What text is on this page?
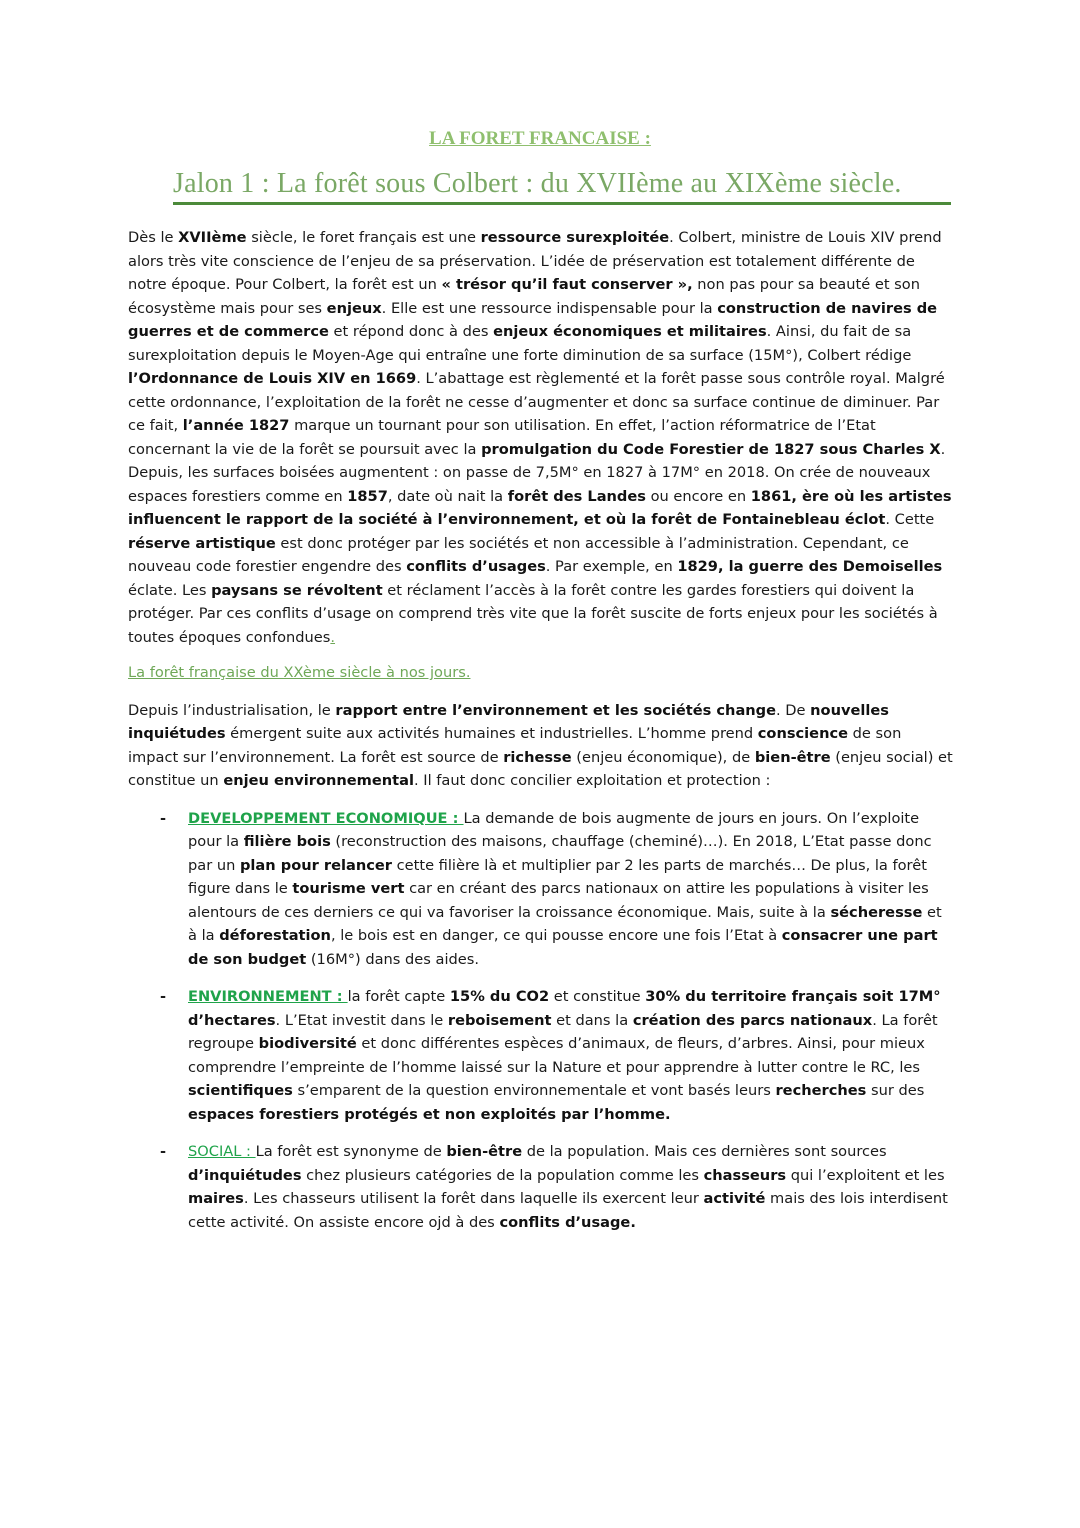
LA FORET FRANCAISE :
Jalon 1 : La forêt sous Colbert : du XVIIème au XIXème siècle.

Dès le XVIIème siècle, le foret français est une ressource surexploitée. Colbert, ministre de Louis XIV prend alors très vite conscience de l’enjeu de sa préservation. L’idée de préservation est totalement différente de notre époque. Pour Colbert, la forêt est un « trésor qu’il faut conserver », non pas pour sa beauté et son écosystème mais pour ses enjeux. Elle est une ressource indispensable pour la construction de navires de guerres et de commerce et répond donc à des enjeux économiques et militaires. Ainsi, du fait de sa surexploitation depuis le Moyen-Age qui entraîne une forte diminution de sa surface (15M°), Colbert rédige l’Ordonnance de Louis XIV en 1669. L’abattage est règlementé et la forêt passe sous contrôle royal. Malgré cette ordonnance, l’exploitation de la forêt ne cesse d’augmenter et donc sa surface continue de diminuer. Par ce fait, l’année 1827 marque un tournant pour son utilisation. En effet, l’action réformatrice de l’Etat concernant la vie de la forêt se poursuit avec la promulgation du Code Forestier de 1827 sous Charles X. Depuis, les surfaces boisées augmentent : on passe de 7,5M° en 1827 à 17M° en 2018. On crée de nouveaux espaces forestiers comme en 1857, date où nait la forêt des Landes ou encore en 1861, ère où les artistes influencent le rapport de la société à l’environnement, et où la forêt de Fontainebleau éclot. Cette réserve artistique est donc protéger par les sociétés et non accessible à l’administration. Cependant, ce nouveau code forestier engendre des conflits d’usages. Par exemple, en 1829, la guerre des Demoiselles éclate. Les paysans se révoltent et réclament l’accès à la forêt contre les gardes forestiers qui doivent la protéger. Par ces conflits d’usage on comprend très vite que la forêt suscite de forts enjeux pour les sociétés à toutes époques confondues.

La forêt française du XXème siècle à nos jours.

Depuis l’industrialisation, le rapport entre l’environnement et les sociétés change. De nouvelles inquiétudes émergent suite aux activités humaines et industrielles. L’homme prend conscience de son impact sur l’environnement. La forêt est source de richesse (enjeu économique), de bien-être (enjeu social) et constitue un enjeu environnemental. Il faut donc concilier exploitation et protection :

- DEVELOPPEMENT ECONOMIQUE : La demande de bois augmente de jours en jours. On l’exploite pour la filière bois (reconstruction des maisons, chauffage (cheminé)…). En 2018, L’Etat passe donc par un plan pour relancer cette filière là et multiplier par 2 les parts de marchés… De plus, la forêt figure dans le tourisme vert car en créant des parcs nationaux on attire les populations à visiter les alentours de ces derniers ce qui va favoriser la croissance économique. Mais, suite à la sécheresse et à la déforestation, le bois est en danger, ce qui pousse encore une fois l’Etat à consacrer une part de son budget (16M°) dans des aides.
- ENVIRONNEMENT : la forêt capte 15% du CO2 et constitue 30% du territoire français soit 17M° d’hectares. L’Etat investit dans le reboisement et dans la création des parcs nationaux. La forêt regroupe biodiversité et donc différentes espèces d’animaux, de fleurs, d’arbres. Ainsi, pour mieux comprendre l’empreinte de l’homme laissé sur la Nature et pour apprendre à lutter contre le RC, les scientifiques s’emparent de la question environnementale et vont basés leurs recherches sur des espaces forestiers protégés et non exploités par l’homme.
- SOCIAL : La forêt est synonyme de bien-être de la population. Mais ces dernières sont sources d’inquiétudes chez plusieurs catégories de la population comme les chasseurs qui l’exploitent et les maires. Les chasseurs utilisent la forêt dans laquelle ils exercent leur activité mais des lois interdisent cette activité. On assiste encore ojd à des conflits d’usage.
